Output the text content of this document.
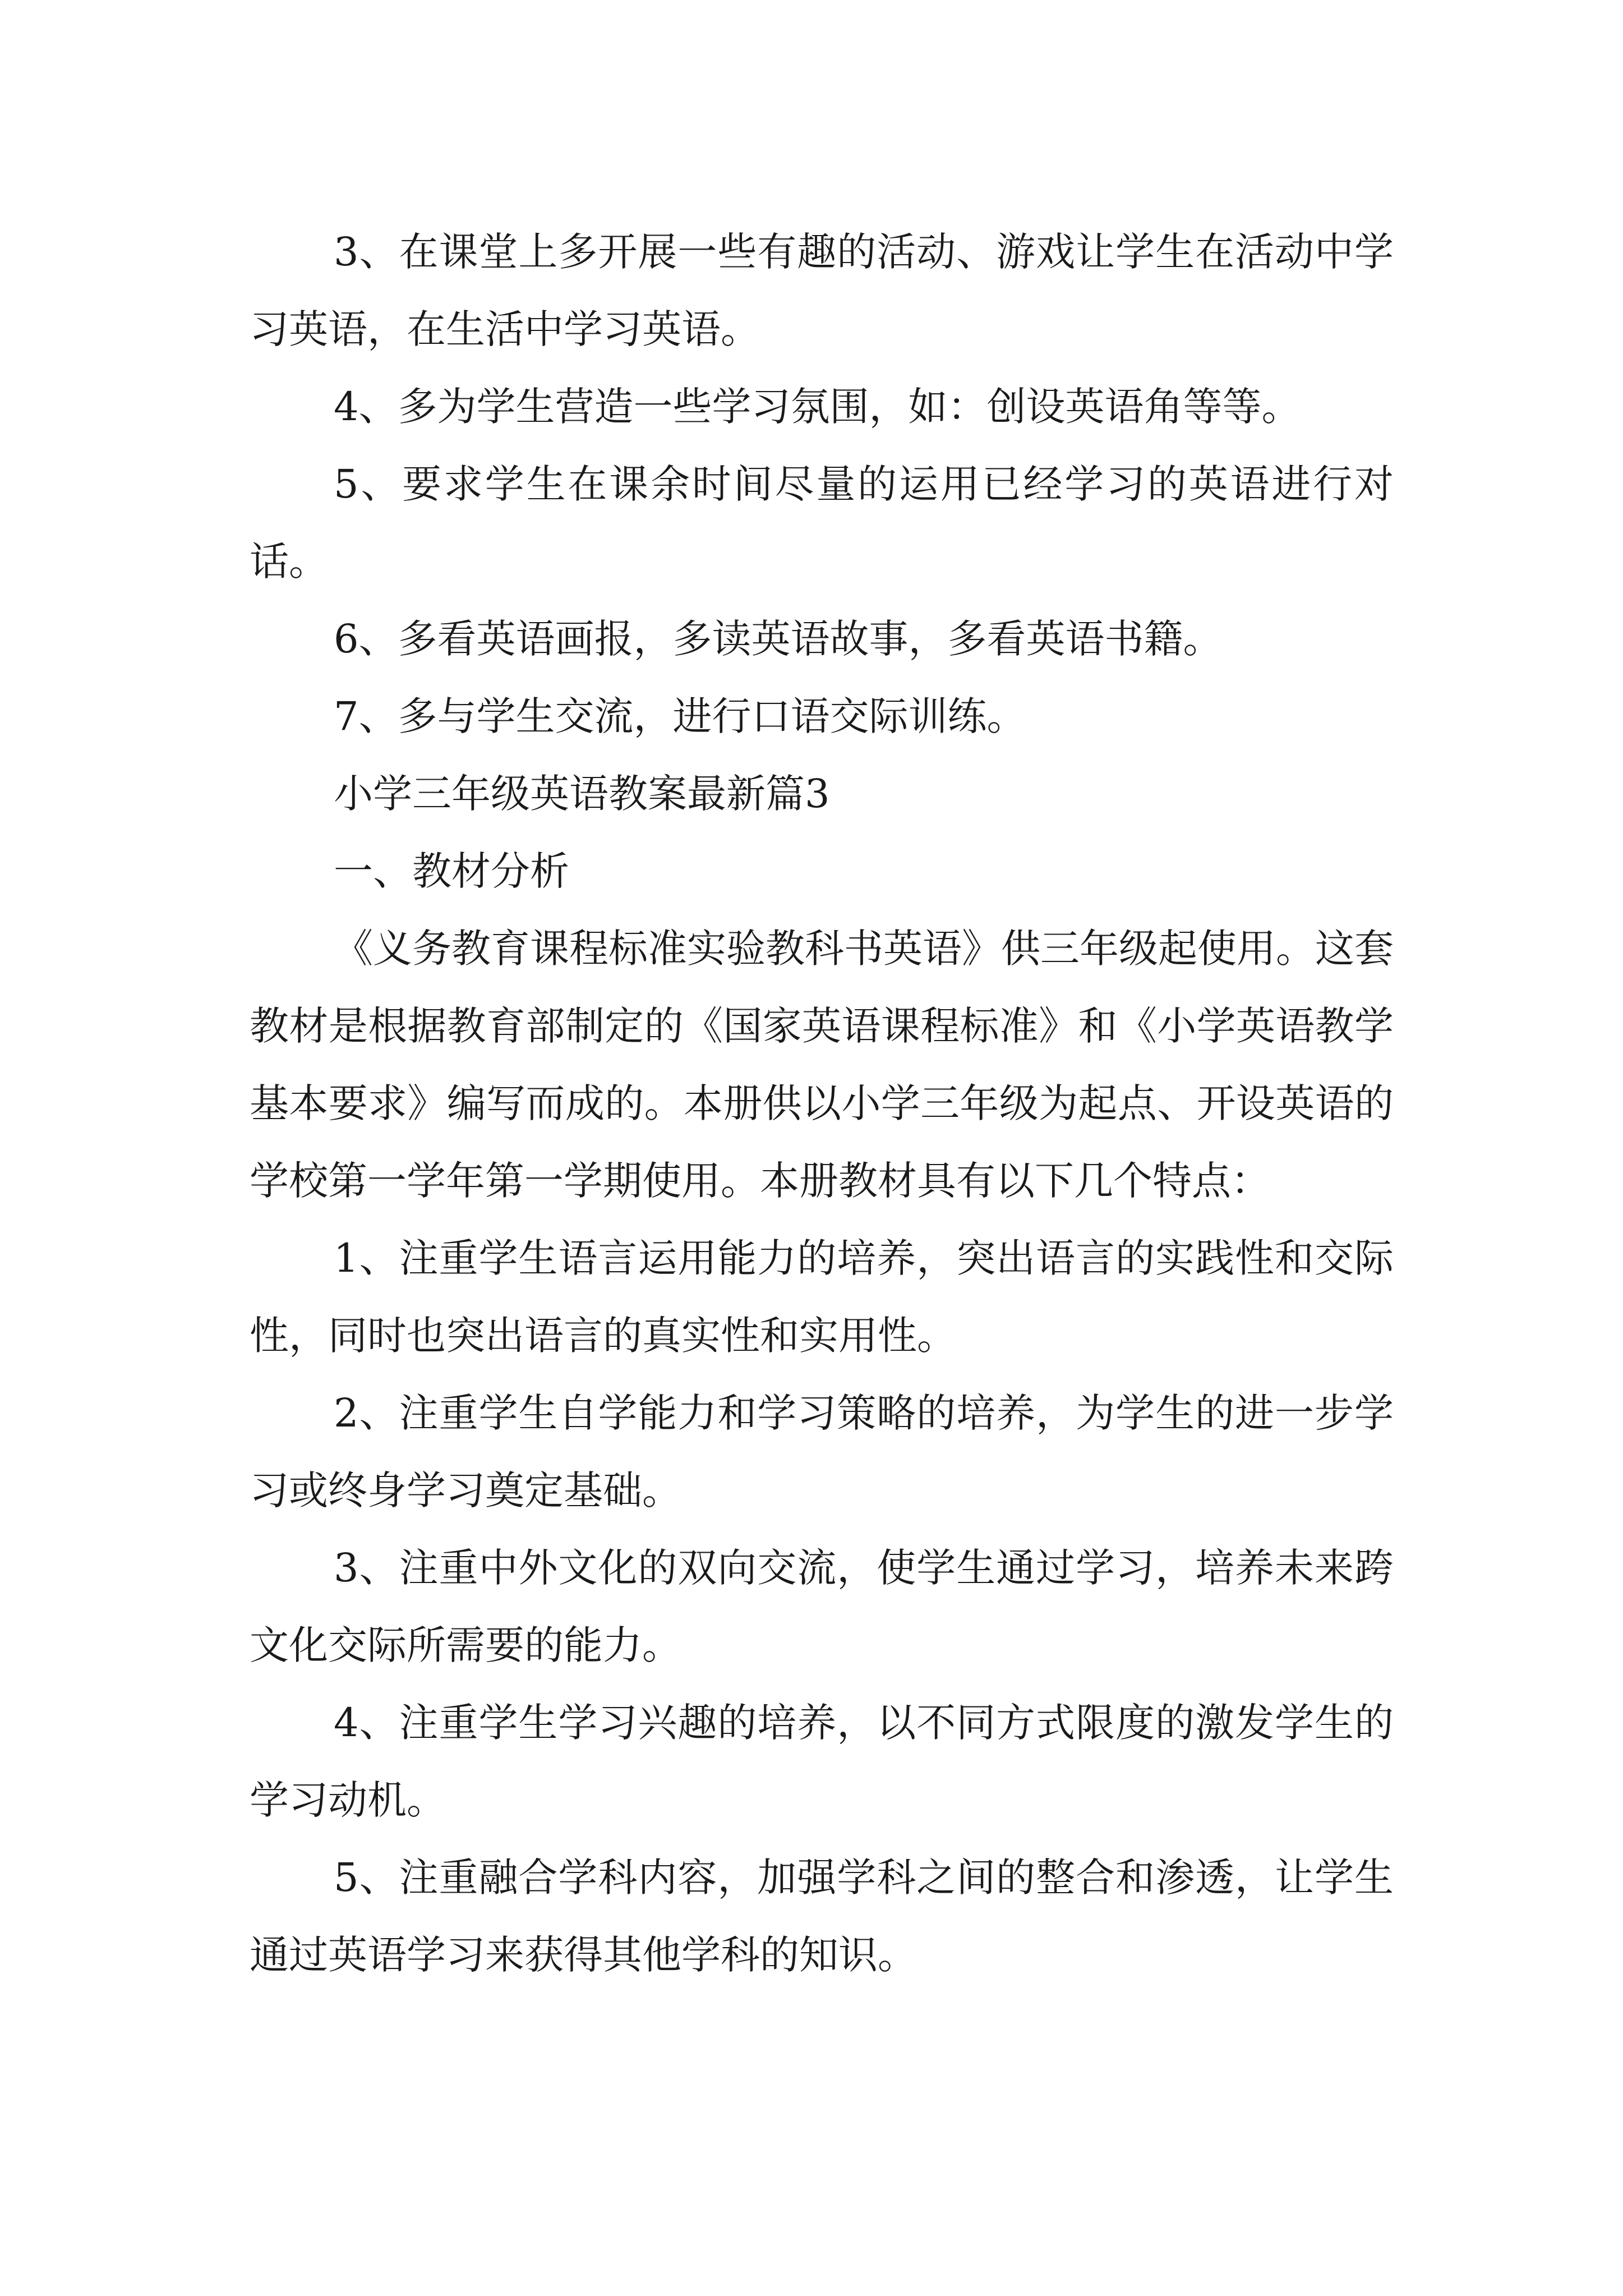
3、在课堂上多开展一些有趣的活动、游戏让学生在活动中学习英语，在生活中学习英语。

4、多为学生营造一些学习氛围，如：创设英语角等等。

5、要求学生在课余时间尽量的运用已经学习的英语进行对话。

6、多看英语画报，多读英语故事，多看英语书籍。

7、多与学生交流，进行口语交际训练。

小学三年级英语教案最新篇3

一、教材分析

《义务教育课程标准实验教科书英语》供三年级起使用。这套教材是根据教育部制定的《国家英语课程标准》和《小学英语教学基本要求》编写而成的。本册供以小学三年级为起点、开设英语的学校第一学年第一学期使用。本册教材具有以下几个特点：

1、注重学生语言运用能力的培养，突出语言的实践性和交际性，同时也突出语言的真实性和实用性。

2、注重学生自学能力和学习策略的培养，为学生的进一步学习或终身学习奠定基础。

3、注重中外文化的双向交流，使学生通过学习，培养未来跨文化交际所需要的能力。

4、注重学生学习兴趣的培养，以不同方式限度的激发学生的学习动机。

5、注重融合学科内容，加强学科之间的整合和渗透，让学生通过英语学习来获得其他学科的知识。
